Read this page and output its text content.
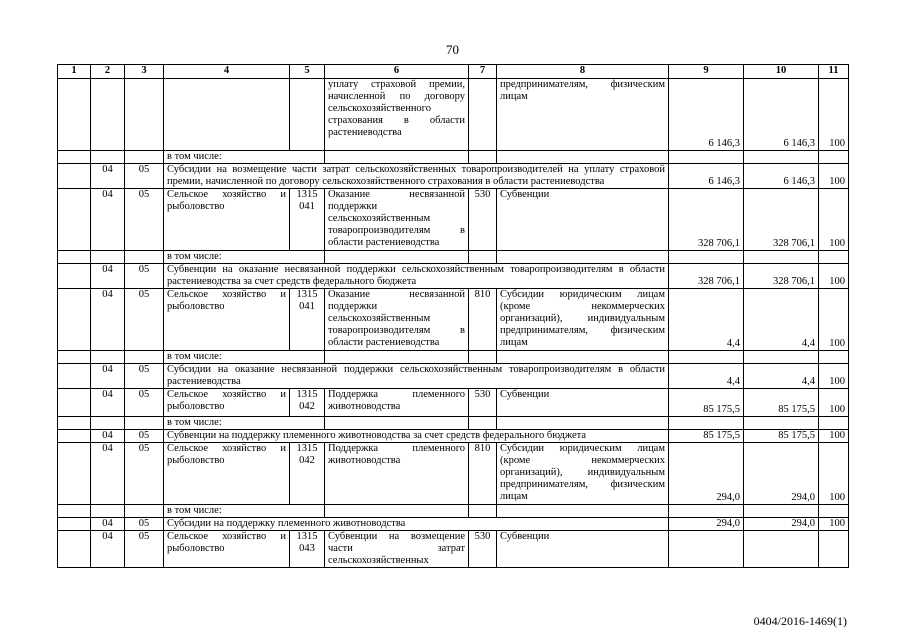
70
1	2	3	4	5	6	7	8	9	10	11
					уплату страховой премии, начисленной по договору сельскохозяйственного страхования в области растениеводства		предпринимателям, физическим лицам	6 146,3	6 146,3	100
			в том числе:							
	04	05	Субсидии на возмещение части затрат сельскохозяйственных товаропроизводителей на уплату страховой премии, начисленной по договору сельскохозяйственного страхования в области растениеводства					6 146,3	6 146,3	100
	04	05	Сельское хозяйство и рыболовство	1315 041	Оказание несвязанной поддержки сельскохозяйственным товаропроизводителям в области растениеводства	530	Субвенции	328 706,1	328 706,1	100
			в том числе:							
	04	05	Субвенции на оказание несвязанной поддержки сельскохозяйственным товаропроизводителям в области растениеводства за счет средств федерального бюджета					328 706,1	328 706,1	100
	04	05	Сельское хозяйство и рыболовство	1315 041	Оказание несвязанной поддержки сельскохозяйственным товаропроизводителям в области растениеводства	810	Субсидии юридическим лицам (кроме некоммерческих организаций), индивидуальным предпринимателям, физическим лицам	4,4	4,4	100
			в том числе:							
	04	05	Субсидии на оказание несвязанной поддержки сельскохозяйственным товаропроизводителям в области растениеводства					4,4	4,4	100
	04	05	Сельское хозяйство и рыболовство	1315 042	Поддержка племенного животноводства	530	Субвенции	85 175,5	85 175,5	100
			в том числе:							
	04	05	Субвенции на поддержку племенного животноводства за счет средств федерального бюджета					85 175,5	85 175,5	100
	04	05	Сельское хозяйство и рыболовство	1315 042	Поддержка племенного животноводства	810	Субсидии юридическим лицам (кроме некоммерческих организаций), индивидуальным предпринимателям, физическим лицам	294,0	294,0	100
			в том числе:							
	04	05	Субсидии на поддержку племенного животноводства					294,0	294,0	100
	04	05	Сельское хозяйство и рыболовство	1315 043	Субвенции на возмещение части затрат сельскохозяйственных	530	Субвенции			
0404/2016-1469(1)
